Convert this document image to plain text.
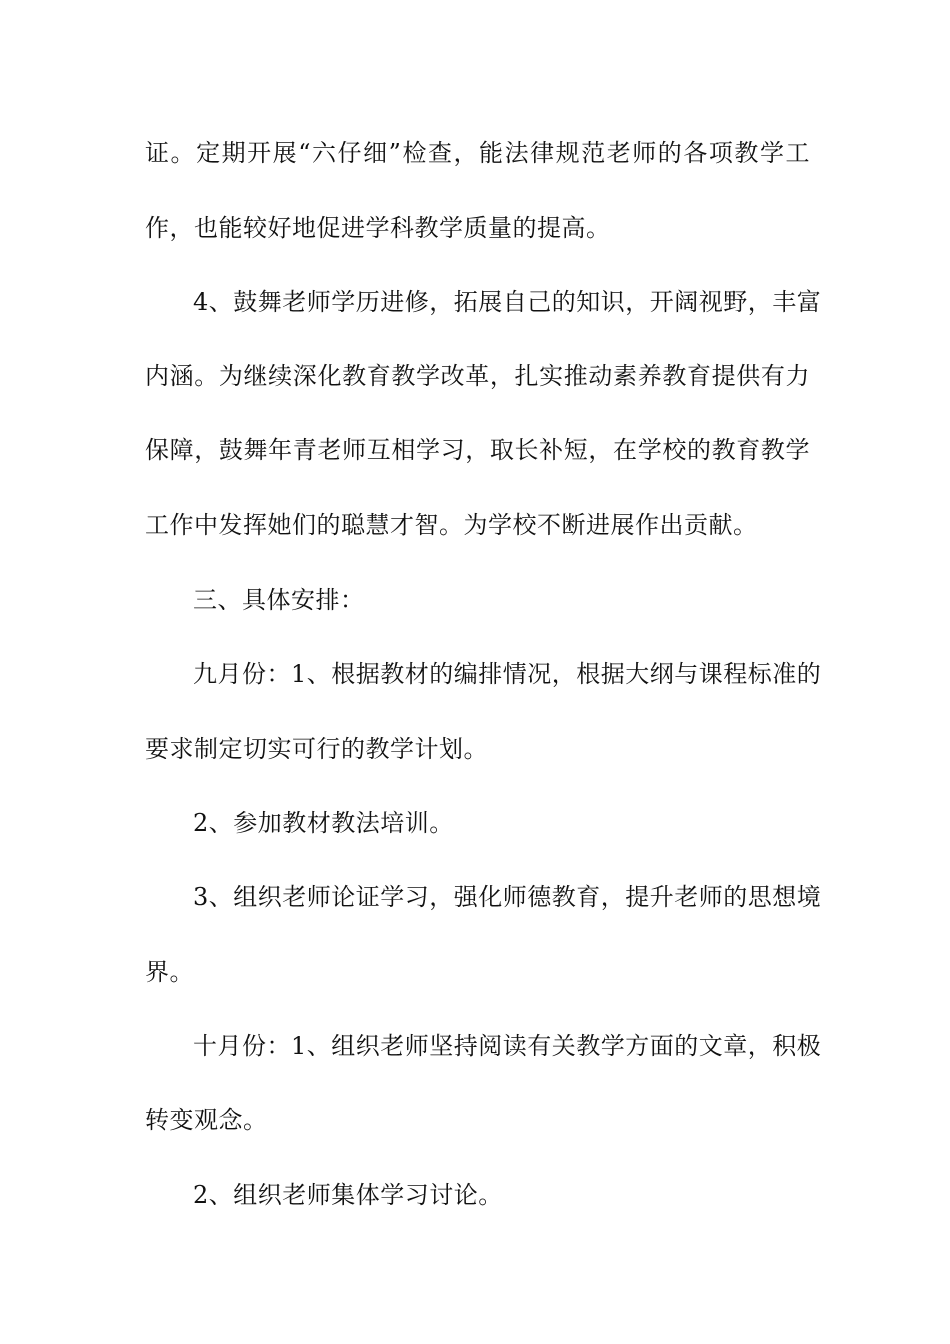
证。定期开展“六仔细”检查，能法律规范老师的各项教学工
作，也能较好地促进学科教学质量的提高。
4、鼓舞老师学历进修，拓展自己的知识，开阔视野，丰富
内涵。为继续深化教育教学改革，扎实推动素养教育提供有力
保障，鼓舞年青老师互相学习，取长补短，在学校的教育教学
工作中发挥她们的聪慧才智。为学校不断进展作出贡献。
三、具体安排：
九月份：1、根据教材的编排情况，根据大纲与课程标准的
要求制定切实可行的教学计划。
2、参加教材教法培训。
3、组织老师论证学习，强化师德教育，提升老师的思想境
界。
十月份：1、组织老师坚持阅读有关教学方面的文章，积极
转变观念。
2、组织老师集体学习讨论。
